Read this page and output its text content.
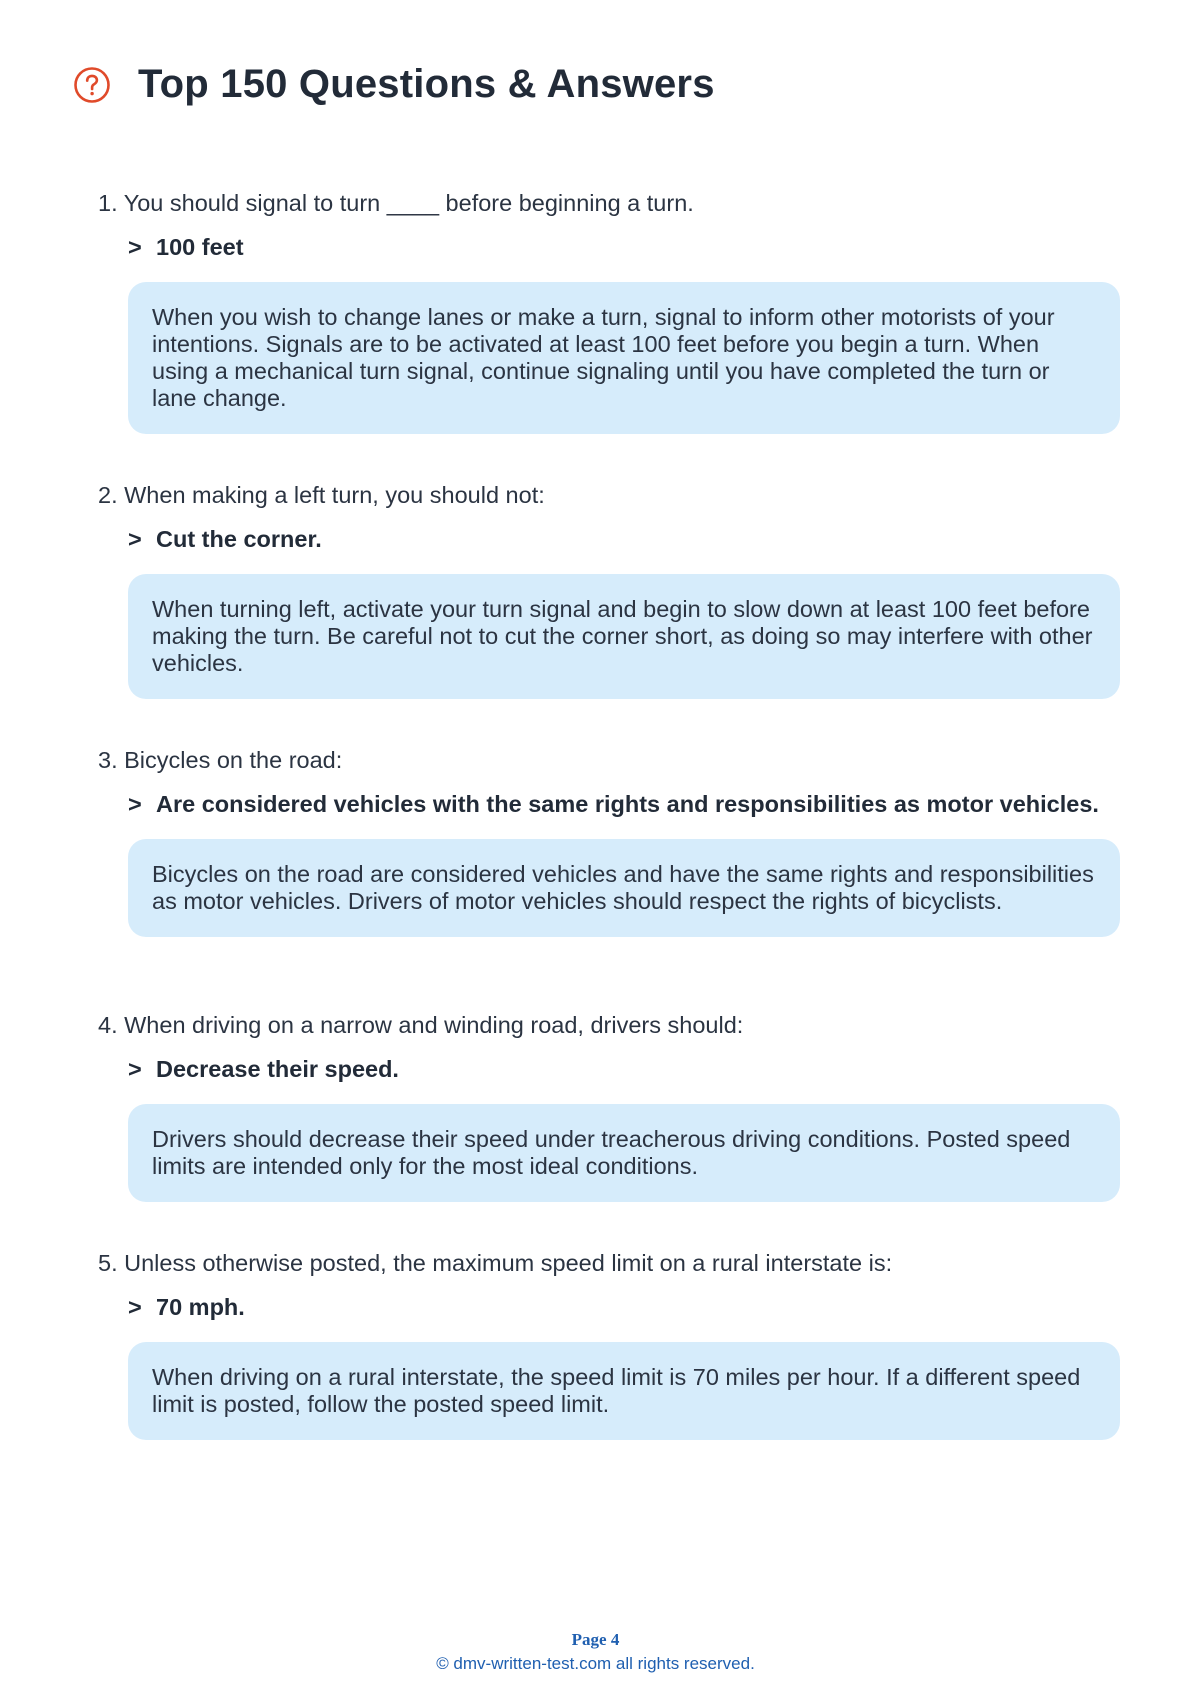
Top 150 Questions & Answers
1. You should signal to turn ____ before beginning a turn.
> 100 feet
When you wish to change lanes or make a turn, signal to inform other motorists of your intentions. Signals are to be activated at least 100 feet before you begin a turn. When using a mechanical turn signal, continue signaling until you have completed the turn or lane change.
2. When making a left turn, you should not:
> Cut the corner.
When turning left, activate your turn signal and begin to slow down at least 100 feet before making the turn. Be careful not to cut the corner short, as doing so may interfere with other vehicles.
3. Bicycles on the road:
> Are considered vehicles with the same rights and responsibilities as motor vehicles.
Bicycles on the road are considered vehicles and have the same rights and responsibilities as motor vehicles. Drivers of motor vehicles should respect the rights of bicyclists.
4. When driving on a narrow and winding road, drivers should:
> Decrease their speed.
Drivers should decrease their speed under treacherous driving conditions. Posted speed limits are intended only for the most ideal conditions.
5. Unless otherwise posted, the maximum speed limit on a rural interstate is:
> 70 mph.
When driving on a rural interstate, the speed limit is 70 miles per hour. If a different speed limit is posted, follow the posted speed limit.
Page 4
© dmv-written-test.com all rights reserved.
